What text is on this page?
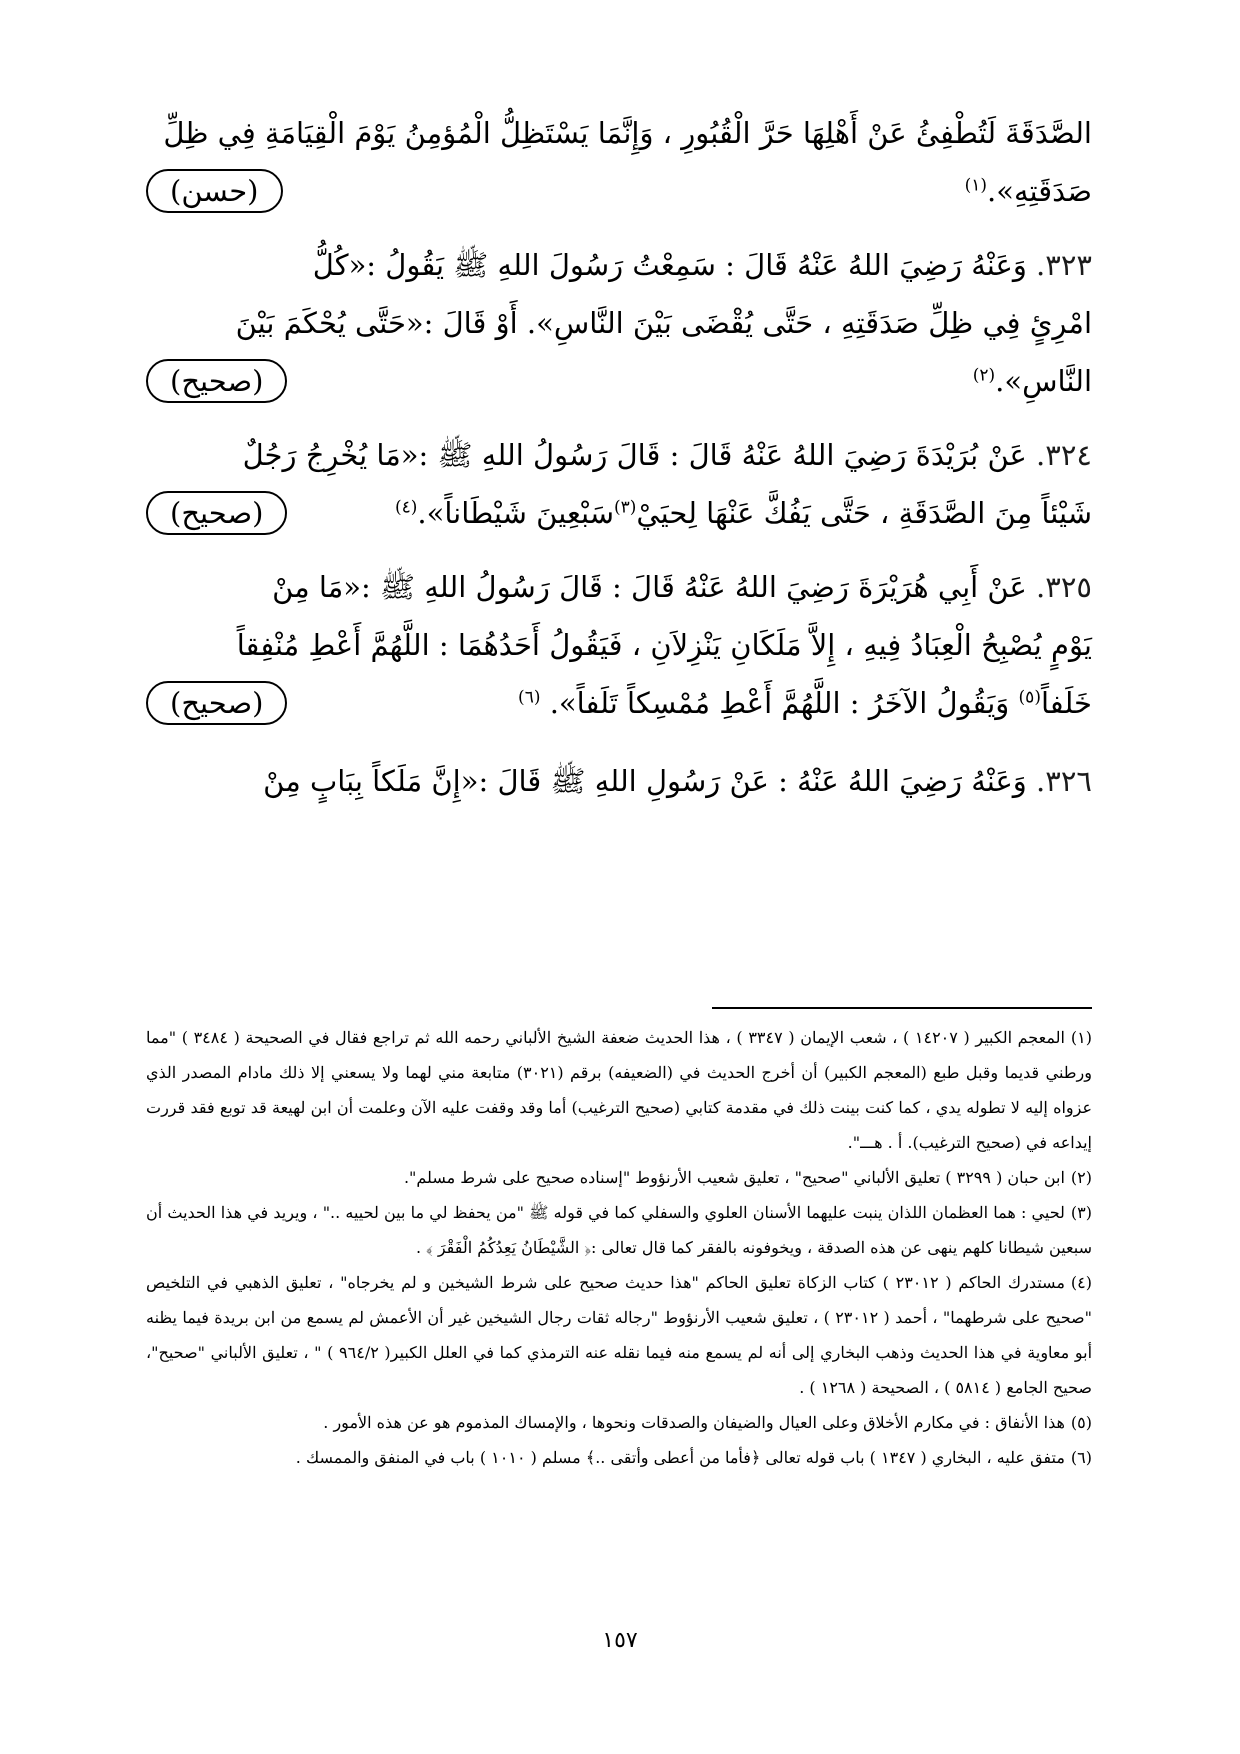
الصَّدَقَةَ لَتُطْفِئُ عَنْ أَهْلِهَا حَرَّ الْقُبُورِ ، وَإِنَّمَا يَسْتَظِلُّ الْمُؤمِنُ يَوْمَ الْقِيَامَةِ فِي ظِلِّ
صَدَقَتِهِ».$^{(١)}$
(حسن)
٣٢٣. وَعَنْهُ رَضِيَ اللهُ عَنْهُ قَالَ : سَمِعْتُ رَسُولَ اللهِ ﷺ يَقُولُ :«كُلُّ
امْرِئٍ فِي ظِلِّ صَدَقَتِهِ ، حَتَّى يُقْضَى بَيْنَ النَّاسِ». أَوْ قَالَ :«حَتَّى يُحْكَمَ بَيْنَ
النَّاسِ».$^{(٢)}$
(صحيح)
٣٢٤. عَنْ بُرَيْدَةَ رَضِيَ اللهُ عَنْهُ قَالَ : قَالَ رَسُولُ اللهِ ﷺ :«مَا يُخْرِجُ رَجُلٌ
شَيْئاً مِنَ الصَّدَقَةِ ، حَتَّى يَفُكَّ عَنْهَا لِحيَيْ$^{(٣)}$سَبْعِينَ شَيْطَاناً».$^{(٤)}$
(صحيح)
٣٢٥. عَنْ أَبِي هُرَيْرَةَ رَضِيَ اللهُ عَنْهُ قَالَ : قَالَ رَسُولُ اللهِ ﷺ :«مَا مِنْ
يَوْمٍ يُصْبِحُ الْعِبَادُ فِيهِ ، إِلاَّ مَلَكَانِ يَنْزِلاَنِ ، فَيَقُولُ أَحَدُهُمَا : اللَّهُمَّ أَعْطِ مُنْفِقاً
خَلَفاً$^{(٥)}$ وَيَقُولُ الآخَرُ : اللَّهُمَّ أَعْطِ مُمْسِكاً تَلَفاً». $^{(٦)}$
(صحيح)
٣٢٦. وَعَنْهُ رَضِيَ اللهُ عَنْهُ : عَنْ رَسُولِ اللهِ ﷺ قَالَ :«إِنَّ مَلَكاً بِبَابٍ مِنْ

(١)المعجم الكبير ( ١٤٢٠٧ ) ، شعب الإيمان ( ٣٣٤٧ ) ، هذا الحديث ضعفة الشيخ الألباني رحمه الله ثم تراجع فقال في الصحيحة ( ٣٤٨٤ ) "مما ورطني قديما وقبل طبع (المعجم الكبير) أن أخرج الحديث في (الضعيفه) برقم (٣٠٢١) متابعة مني لهما ولا يسعني إلا ذلك مادام المصدر الذي عزواه إليه لا تطوله يدي ، كما كنت بينت ذلك في مقدمة كتابي (صحيح الترغيب) أما وقد وقفت عليه الآن وعلمت أن ابن لهيعة قد توبع فقد قررت إيداعه في (صحيح الترغيب). أ . هـــ".

(٢)ابن حبان ( ٣٢٩٩ ) تعليق الألباني "صحيح" ، تعليق شعيب الأرنؤوط "إسناده صحيح على شرط مسلم".

(٣)لحيي : هما العظمان اللذان ينبت عليهما الأسنان العلوي والسفلي كما في قوله ﷺ "من يحفظ لي ما بين لحييه .." ، ويريد في هذا الحديث أن سبعين شيطانا كلهم ينهى عن هذه الصدقة ، ويخوفونه بالفقر كما قال تعالى :﴿ الشَّيْطَانُ يَعِدُكُمُ الْفَقْرَ ﴾ .

(٤)مستدرك الحاكم ( ٢٣٠١٢ ) كتاب الزكاة تعليق الحاكم "هذا حديث صحيح على شرط الشيخين و لم يخرجاه" ، تعليق الذهبي في التلخيص "صحيح على شرطهما" ، أحمد ( ٢٣٠١٢ ) ، تعليق شعيب الأرنؤوط "رجاله ثقات رجال الشيخين غير أن الأعمش لم يسمع من ابن بريدة فيما يظنه أبو معاوية في هذا الحديث وذهب البخاري إلى أنه لم يسمع منه فيما نقله عنه الترمذي كما في العلل الكبير( ٩٦٤/٢ ) " ، تعليق الألباني "صحيح"، صحيح الجامع ( ٥٨١٤ ) ، الصحيحة ( ١٢٦٨ ) .

(٥)هذا الأنفاق : في مكارم الأخلاق وعلى العيال والضيفان والصدقات ونحوها ، والإمساك المذموم هو عن هذه الأمور .

(٦)متفق عليه ، البخاري ( ١٣٤٧ ) باب قوله تعالى ﴿فأما من أعطى وأتقى ..﴾ مسلم ( ١٠١٠ ) باب في المنفق والممسك .

١٥٧
